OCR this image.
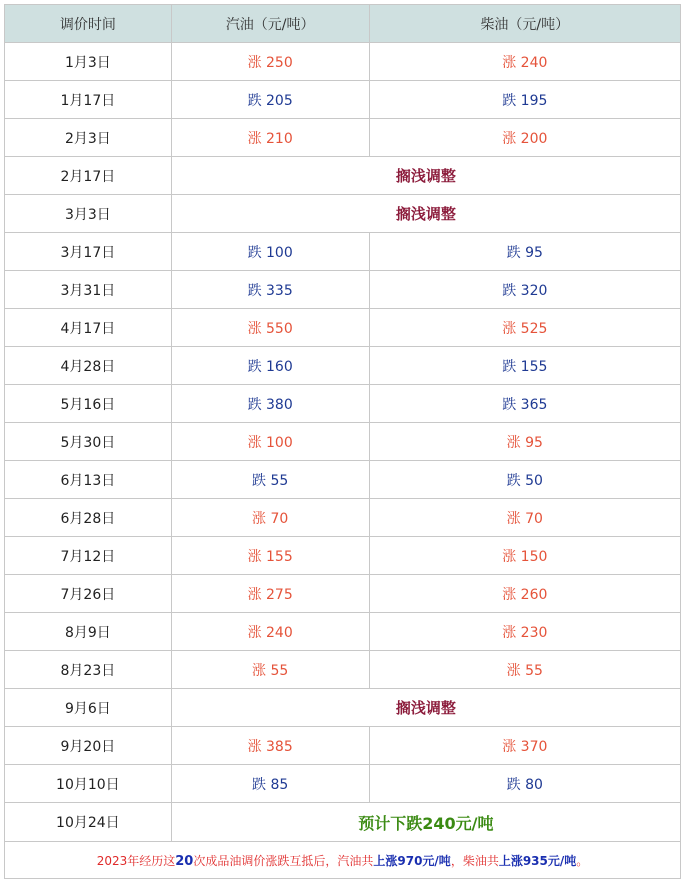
调价时间	汽油（元/吨）	柴油（元/吨）
1月3日	涨 250	涨 240
1月17日	跌 205	跌 195
2月3日	涨 210	涨 200
2月17日	搁浅调整	
3月3日	搁浅调整	
3月17日	跌 100	跌 95
3月31日	跌 335	跌 320
4月17日	涨 550	涨 525
4月28日	跌 160	跌 155
5月16日	跌 380	跌 365
5月30日	涨 100	涨 95
6月13日	跌 55	跌 50
6月28日	涨 70	涨 70
7月12日	涨 155	涨 150
7月26日	涨 275	涨 260
8月9日	涨 240	涨 230
8月23日	涨 55	涨 55
9月6日	搁浅调整	
9月20日	涨 385	涨 370
10月10日	跌 85	跌 80
10月24日	预计下跌240元/吨	
2023年经历这20次成品油调价涨跌互抵后，汽油共上涨970元/吨，柴油共上涨935元/吨。		
